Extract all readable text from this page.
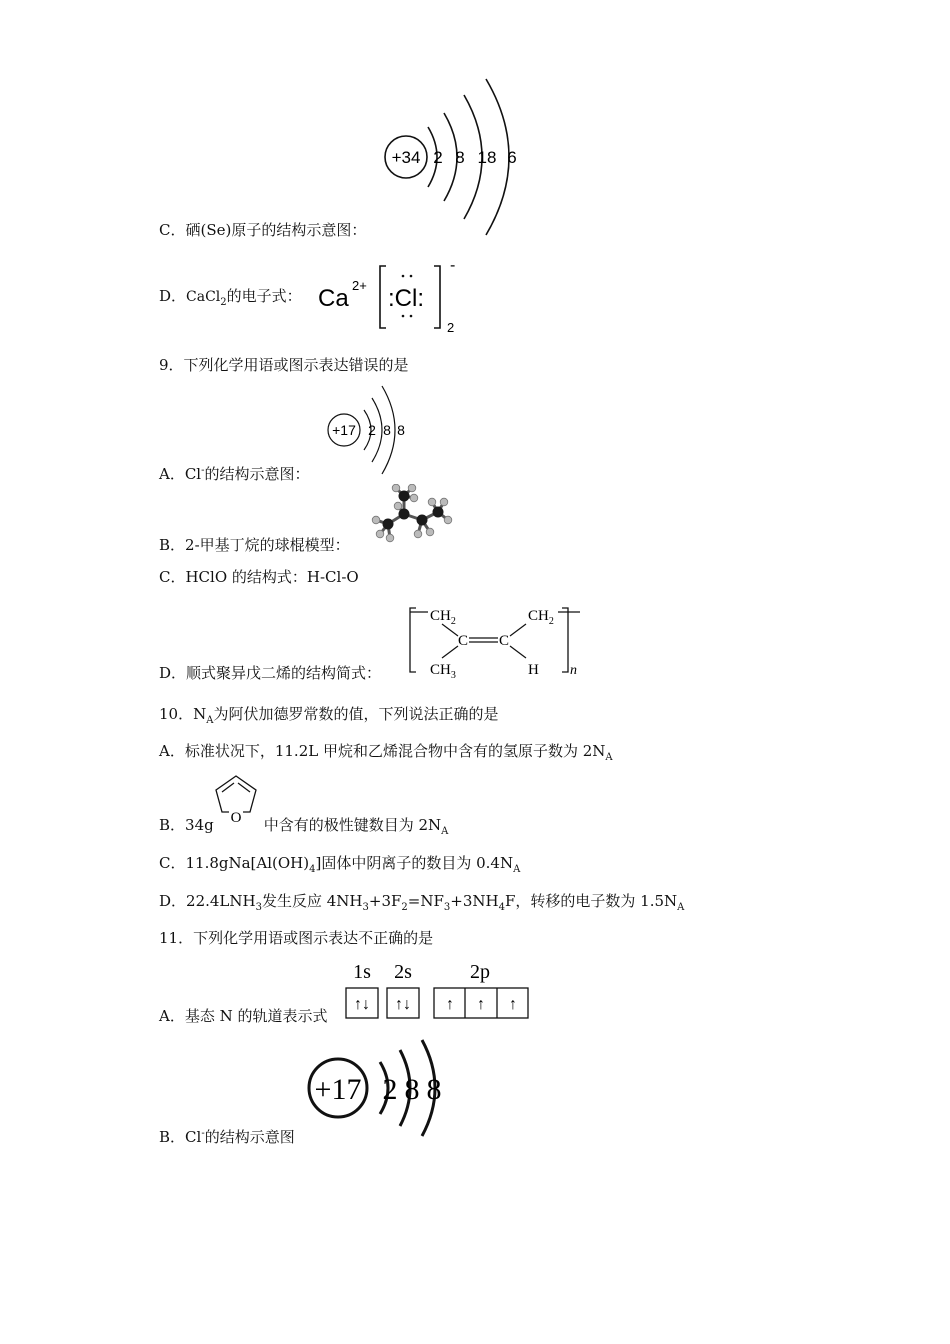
+34 2 8 18 6
C．硒(Se)原子的结构示意图：
D．CaCl$_2$的电子式： Ca 2+ :Cl:
-
2
9．下列化学用语或图示表达错误的是
+17 2 8 8
A．Cl-的结构示意图：
B．2-甲基丁烷的球棍模型：
C．HClO 的结构式：H-Cl-O
$CH_2$
C C
$CH_3$
$CH_2$
H n
D．顺式聚异戊二烯的结构简式：
10．$N_A$为阿伏加德罗常数的值，下列说法正确的是
A．标准状况下，11.2L 甲烷和乙烯混合物中含有的氢原子数为 $2N_A$
O
B．34g	中含有的极性键数目为 $2N_A$
C．$11.8gNa[Al(OH)_4]$固体中阴离子的数目为 $0.4N_A$
D．$22.4LNH_3$发生反应 $4NH_3+3F_2=NF_3+3NH_4F$，转移的电子数为 $1.5N_A$
11．下列化学用语或图示表达不正确的是
1s 2s	2p
↑↓ ↑↓ ↑ ↑ ↑
A．基态 N 的轨道表示式
+17 2 8 8
B．Cl-的结构示意图
